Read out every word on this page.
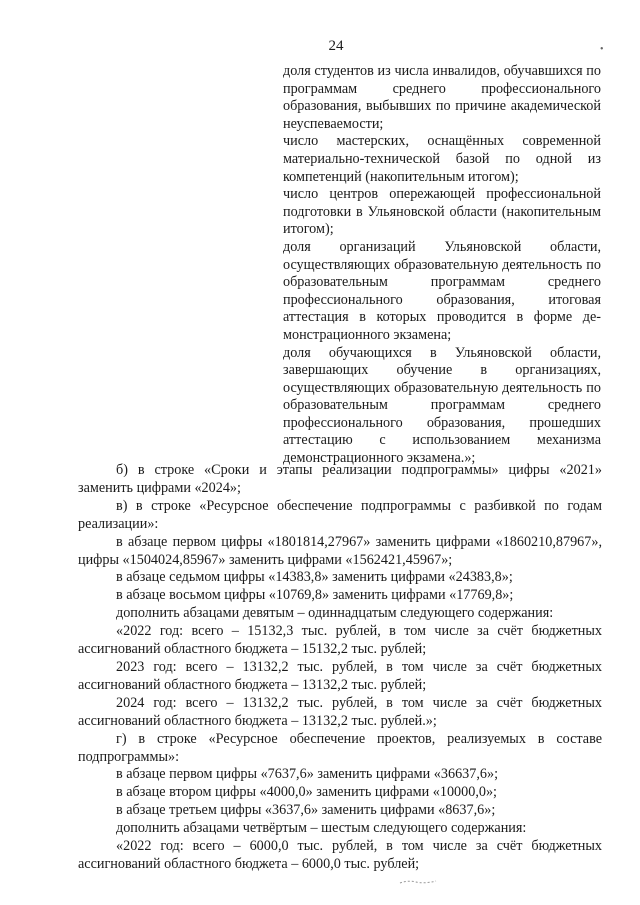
24	•

доля студентов из числа инвалидов, обучавшихся по программам среднего профессионального образования, выбывших по причине академической неуспеваемости;

число мастерских, оснащённых современной материально-технической базой по одной из компетенций (накопительным итогом);

число центров опережающей профессиональной подготовки в Ульяновской области (накопительным итогом);

доля организаций Ульяновской области, осуществляющих образовательную деятельность по образовательным программам среднего профессионального образования, итоговая аттестация в которых проводится в форме демонстрационного экзамена;

доля обучающихся в Ульяновской области, завершающих обучение в организациях, осуществляющих образовательную деятельность по образовательным программам среднего профессионального образования, прошедших аттестацию с использованием механизма демонстрационного экзамена.»;

б) в строке «Сроки и этапы реализации подпрограммы» цифры «2021» заменить цифрами «2024»;

в) в строке «Ресурсное обеспечение подпрограммы с разбивкой по годам реализации»:

в абзаце первом цифры «1801814,27967» заменить цифрами «1860210,87967», цифры «1504024,85967» заменить цифрами «1562421,45967»;

в абзаце седьмом цифры «14383,8» заменить цифрами «24383,8»;

в абзаце восьмом цифры «10769,8» заменить цифрами «17769,8»;

дополнить абзацами девятым – одиннадцатым следующего содержания:

«2022 год: всего – 15132,3 тыс. рублей, в том числе за счёт бюджетных ассигнований областного бюджета – 15132,2 тыс. рублей;

2023 год: всего – 13132,2 тыс. рублей, в том числе за счёт бюджетных ассигнований областного бюджета – 13132,2 тыс. рублей;

2024 год: всего – 13132,2 тыс. рублей, в том числе за счёт бюджетных ассигнований областного бюджета – 13132,2 тыс. рублей.»;

г) в строке «Ресурсное обеспечение проектов, реализуемых в составе подпрограммы»:

в абзаце первом цифры «7637,6» заменить цифрами «36637,6»;

в абзаце втором цифры «4000,0» заменить цифрами «10000,0»;

в абзаце третьем цифры «3637,6» заменить цифрами «8637,6»;

дополнить абзацами четвёртым – шестым следующего содержания:

«2022 год: всего – 6000,0 тыс. рублей, в том числе за счёт бюджетных ассигнований областного бюджета – 6000,0 тыс. рублей;
